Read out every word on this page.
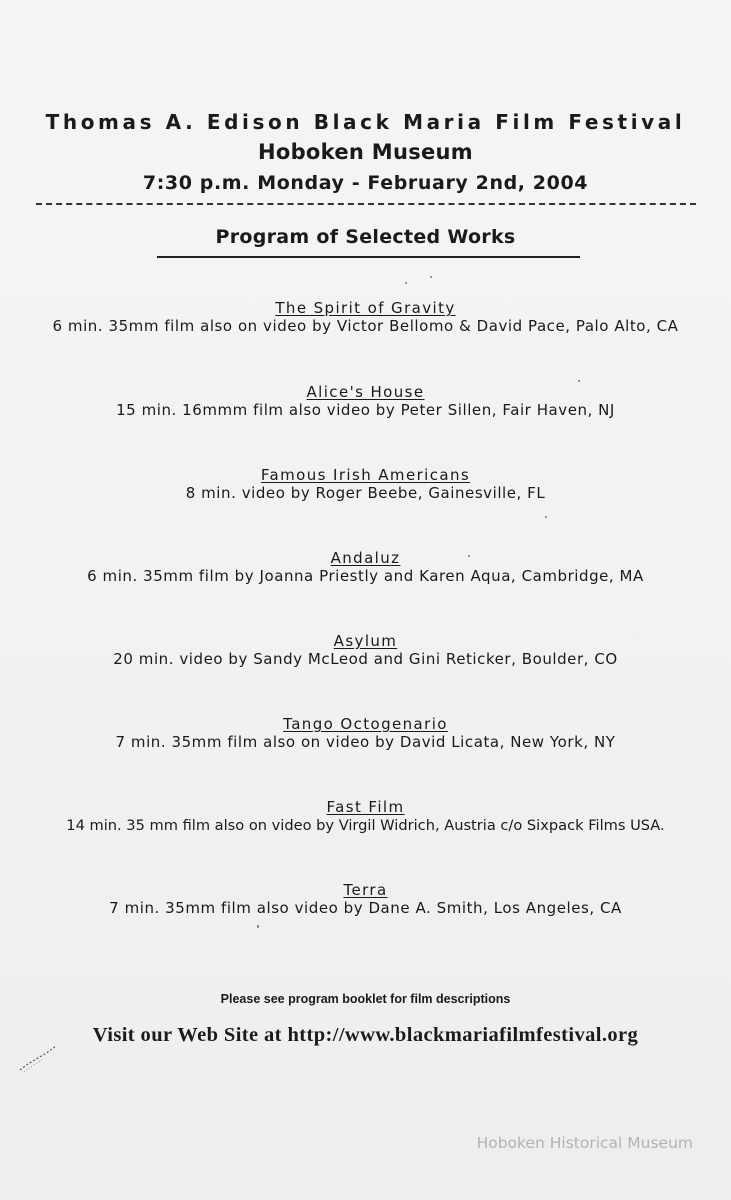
Thomas A. Edison Black Maria Film Festival
Hoboken Museum
7:30 p.m. Monday - February 2nd, 2004
Program of Selected Works
The Spirit of Gravity
6 min. 35mm film also on video by Victor Bellomo & David Pace, Palo Alto, CA
Alice's House
15 min. 16mmm film also video by Peter Sillen, Fair Haven, NJ
Famous Irish Americans
8 min. video by Roger Beebe, Gainesville, FL
Andaluz
6 min. 35mm film by Joanna Priestly and Karen Aqua, Cambridge, MA
Asylum
20 min. video by Sandy McLeod and Gini Reticker, Boulder, CO
Tango Octogenario
7 min. 35mm film also on video by David Licata, New York, NY
Fast Film
14 min. 35 mm film also on video by Virgil Widrich, Austria c/o Sixpack Films USA.
Terra
7 min. 35mm film also video by Dane A. Smith, Los Angeles, CA
Please see program booklet for film descriptions
Visit our Web Site at http://www.blackmariafilmfestival.org
Hoboken Historical Museum
